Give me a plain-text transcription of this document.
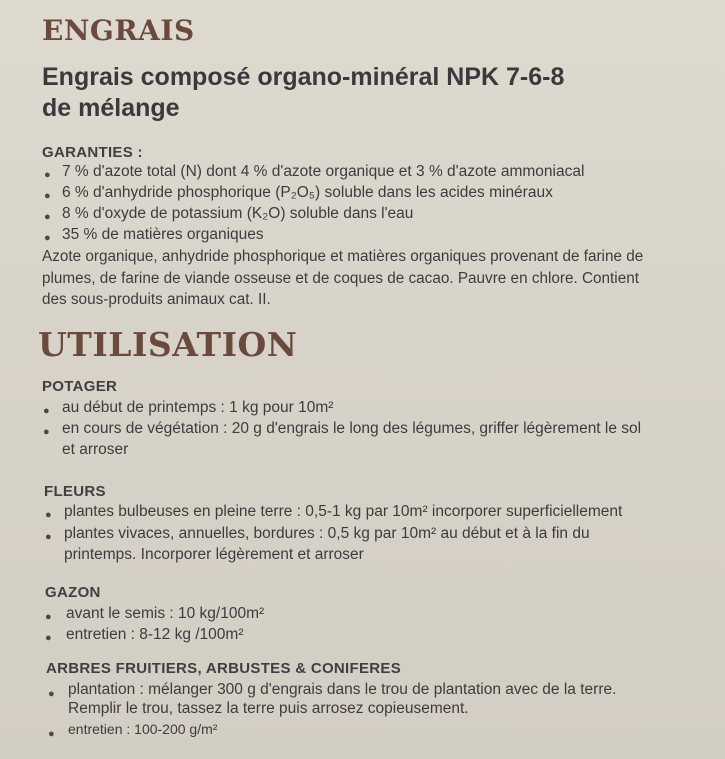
ENGRAIS
Engrais composé organo-minéral NPK 7-6-8
de mélange
GARANTIES :
● 7 % d'azote total (N) dont 4 % d'azote organique et 3 % d'azote ammoniacal
● 6 % d'anhydride phosphorique (P₂O₅) soluble dans les acides minéraux
● 8 % d'oxyde de potassium (K₂O) soluble dans l'eau
● 35 % de matières organiques
Azote organique, anhydride phosphorique et matières organiques provenant de farine de
plumes, de farine de viande osseuse et de coques de cacao. Pauvre en chlore. Contient
des sous-produits animaux cat. II.
UTILISATION
POTAGER
● au début de printemps : 1 kg pour 10m²
● en cours de végétation : 20 g d'engrais le long des légumes, griffer légèrement le sol
et arroser
FLEURS
● plantes bulbeuses en pleine terre : 0,5-1 kg par 10m² incorporer superficiellement
● plantes vivaces, annuelles, bordures : 0,5 kg par 10m² au début et à la fin du
printemps. Incorporer légèrement et arroser
GAZON
● avant le semis : 10 kg/100m²
● entretien : 8-12 kg /100m²
ARBRES FRUITIERS, ARBUSTES & CONIFERES
● plantation : mélanger 300 g d'engrais dans le trou de plantation avec de la terre.
Remplir le trou, tassez la terre puis arrosez copieusement.
● entretien : 100-200 g/m²
